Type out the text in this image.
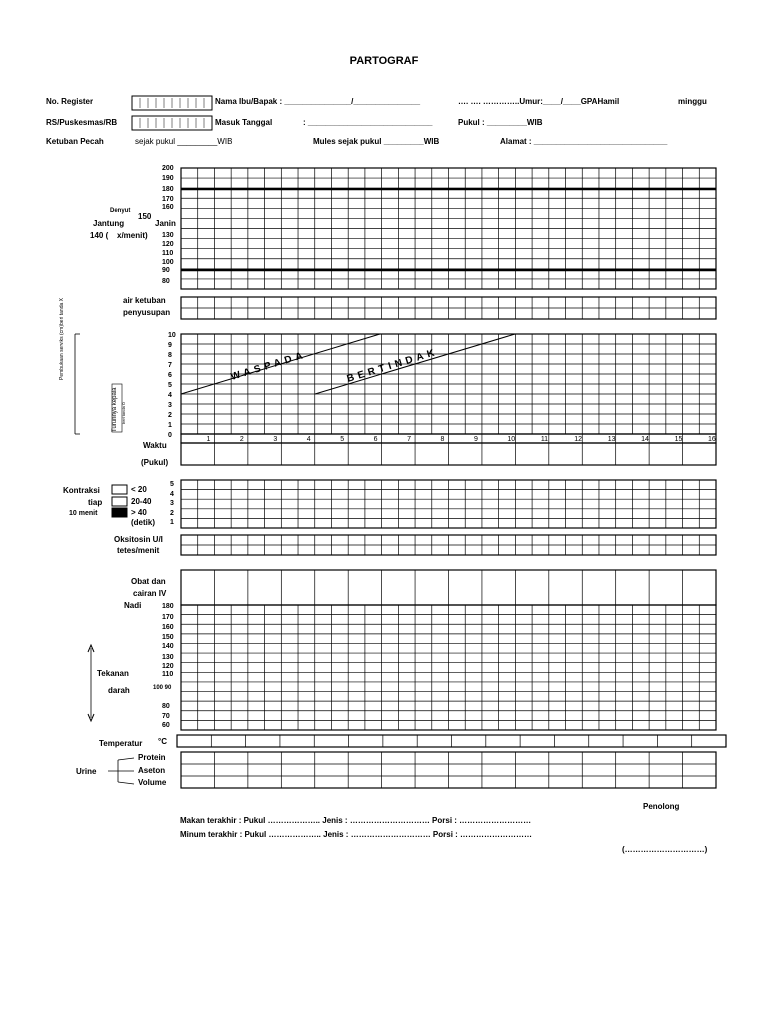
PARTOGRAF
No. Register	Nama Ibu/Bapak : _______________/_______________	…. …. …………..Umur:____/____GPAHamil	minggu
RS/Puskesmas/RB	Masuk Tanggal	: ____________________________	Pukul : _________WIB
Ketuban Pecah	sejak pukul _________WIB	Mules sejak pukul _________WIB	Alamat : ______________________________
WASPADA	BERTINDAK
1	2	3	4	5	6	7	8	9	10	11	12	13	14	15	16
Denyut
Jantung
150
Janin
140 ( x/menit)
200
190
180
170
160
130
120
110
100
90
80
air ketuban
penyusupan
Pembukaan serviks (cm)beri tanda X
Turunnya kepala beri tanda O
10
9
8
7
6
5
4
3
2
1
0
Waktu
(Pukul)
Kontraksi
tiap
10 menit
< 20
20-40
> 40
(detik)
5
4
3
2
1
Oksitosin U/I
tetes/menit
Obat dan
cairan IV
Nadi	180
170
160
150
140
130
120
110
80
70
60
100 90
Tekanan
darah
Temperatur °C
Urine
Protein
Aseton
Volume
Penolong
Makan terakhir : Pukul ……………….. Jenis : ………………………… Porsi : ………………………
Minum terakhir : Pukul ……………….. Jenis : ………………………… Porsi : ………………………
(…………………………)
